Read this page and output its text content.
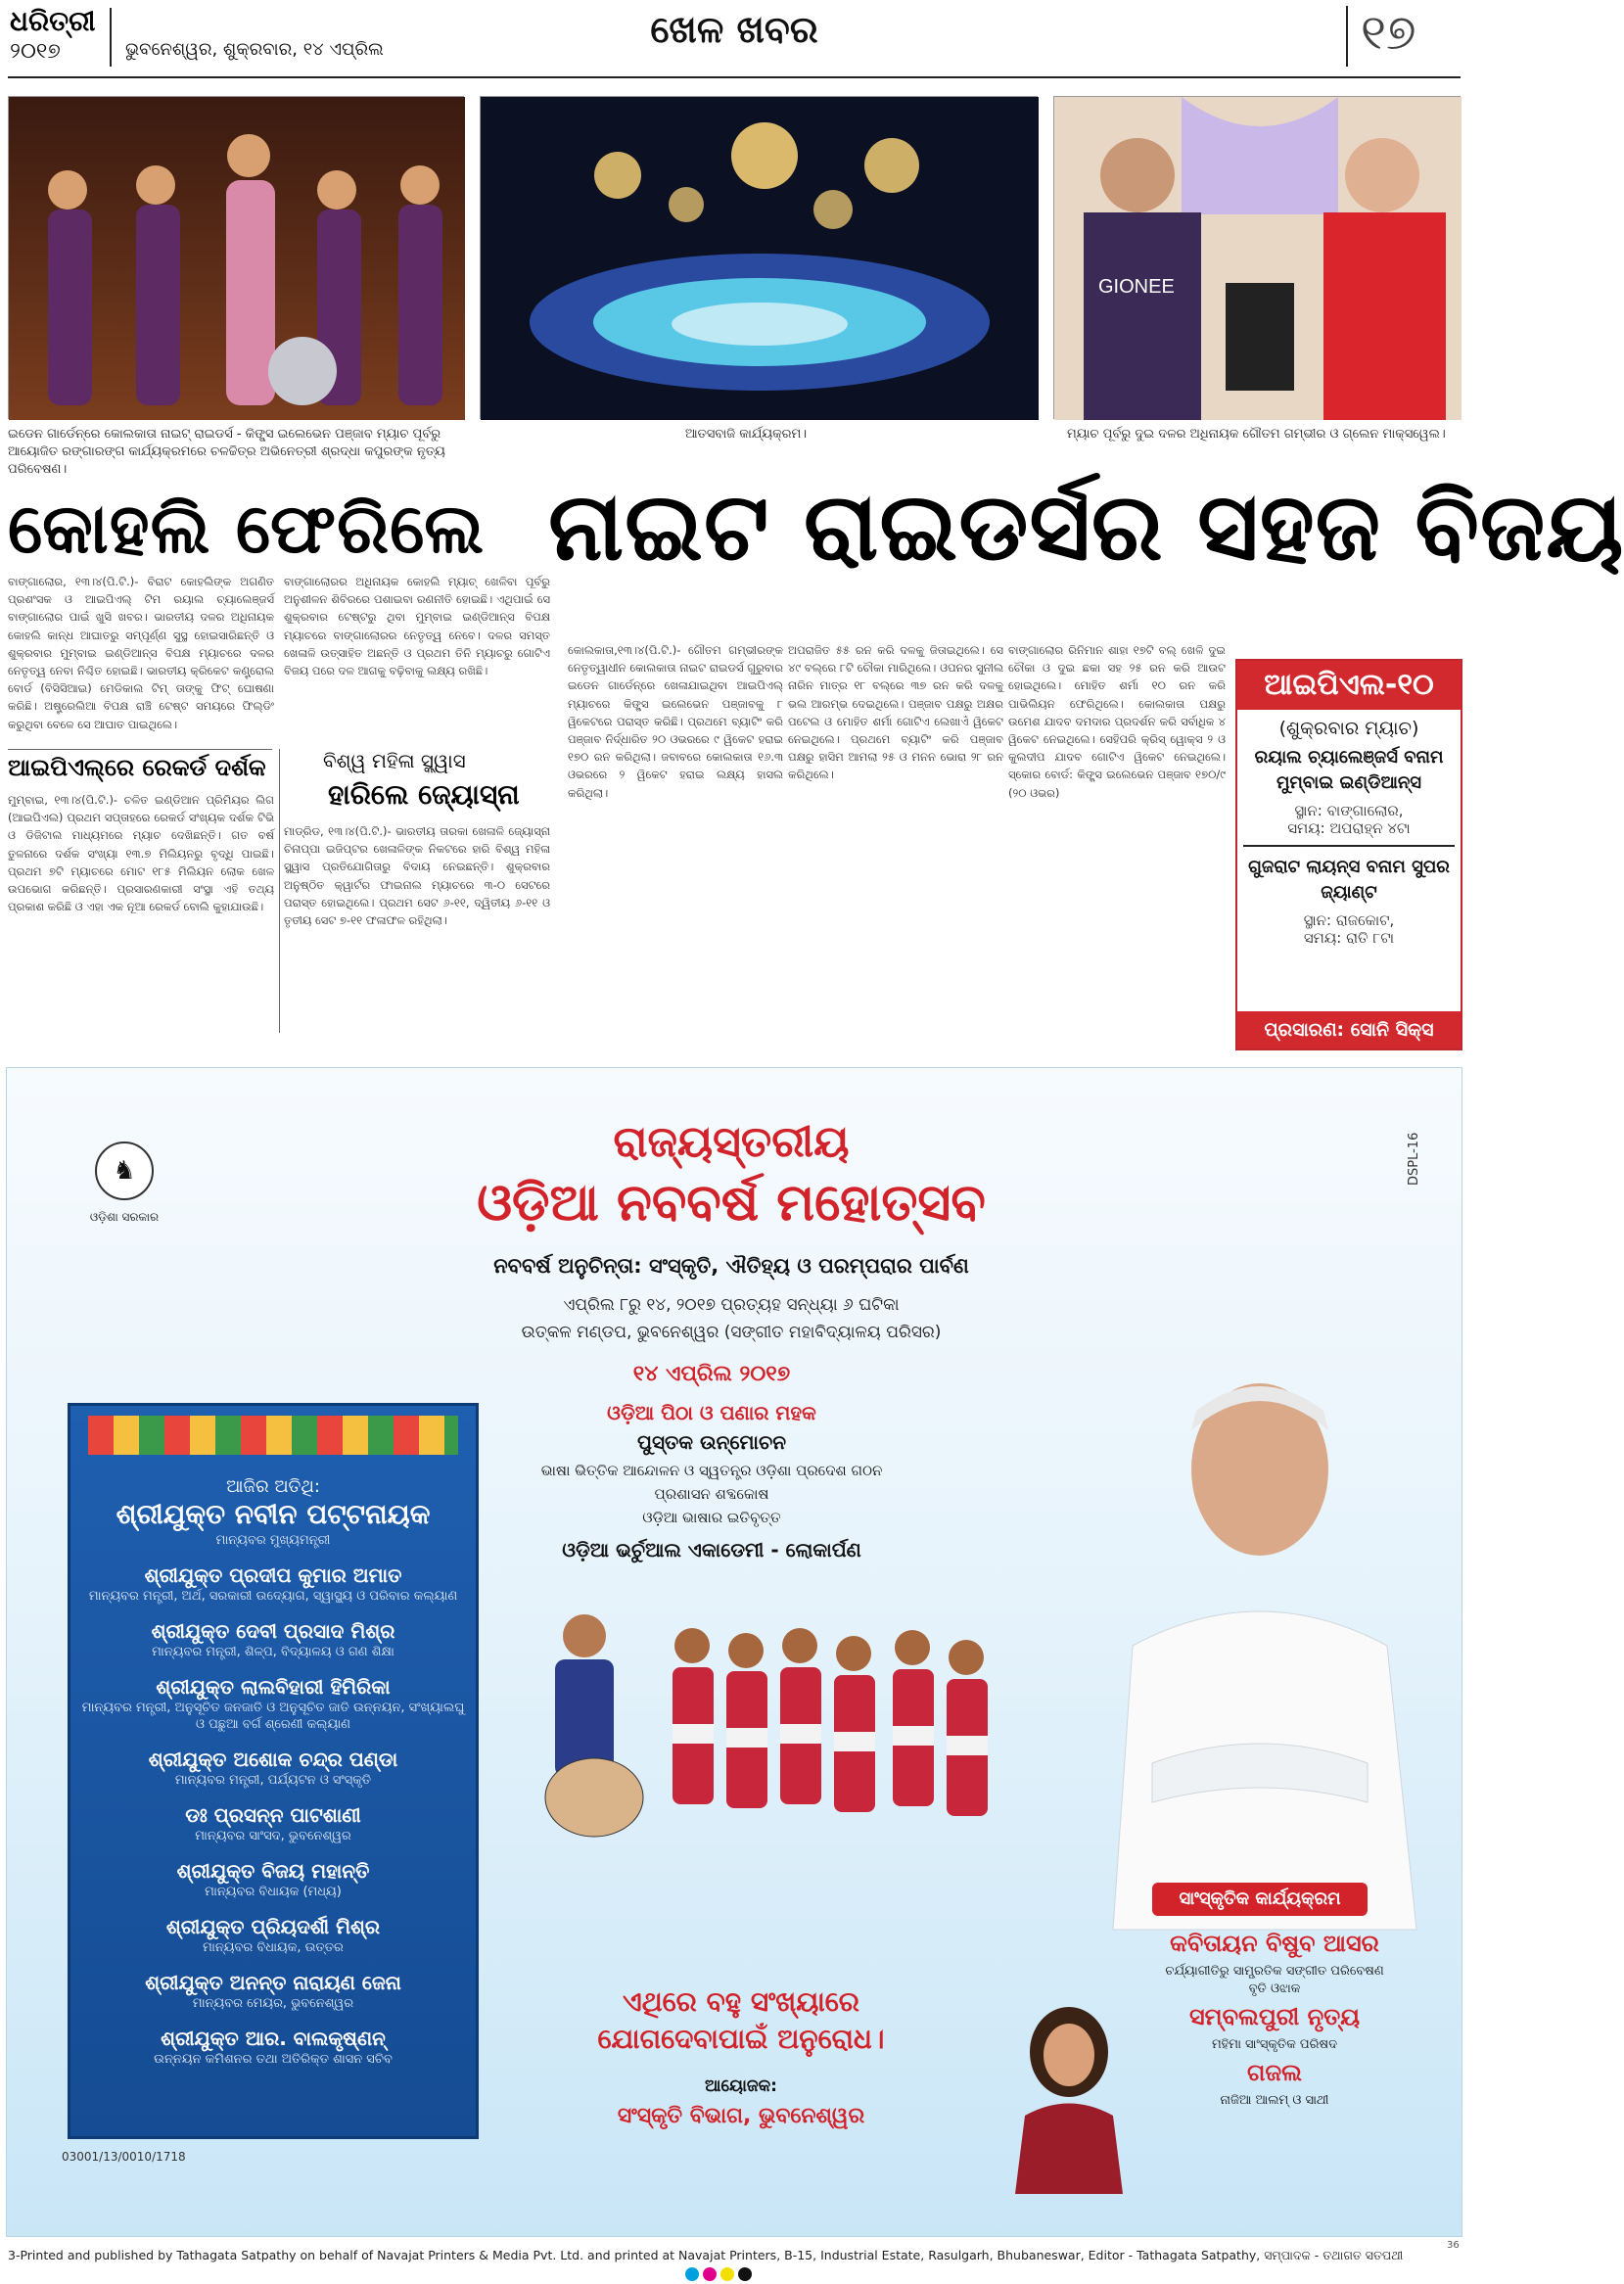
ଧରିତ୍ରୀ
୨୦୧୭	ଭୁବନେଶ୍ୱର, ଶୁକ୍ରବାର, ୧୪ ଏପ୍ରିଲ	ଖେଳ ଖବର	୧୭
GIONEE
ଇଡେନ ଗାର୍ଡେନ୍‌ରେ କୋଲକାତା ନାଇଟ୍ ରାଇଡର୍ସ - କିଙ୍ଗ୍ସ ଇଲେଭେନ ପଞ୍ଜାବ ମ୍ୟାଚ ପୂର୍ବରୁ ଆୟୋଜିତ ରଙ୍ଗାରଙ୍ଗ କାର୍ଯ୍ୟକ୍ରମରେ ଚଳଚ୍ଚିତ୍ର ଅଭିନେତ୍ରୀ ଶ୍ରଦ୍ଧା କପୁରଙ୍କ ନୃତ୍ୟ ପରିବେଷଣ।
ଆତସବାଜି କାର୍ଯ୍ୟକ୍ରମ।	ମ୍ୟାଚ ପୂର୍ବରୁ ଦୁଇ ଦଳର ଅଧିନାୟକ ଗୌତମ ଗମ୍ଭୀର ଓ ଗ୍ଲେନ ମାକ୍ସୱେଲ।
କୋହଲି ଫେରିଲେ ନାଇଟ ରାଇଡର୍ସର ସହଜ ବିଜୟ
ବାଙ୍ଗାଲୋର, ୧୩।୪(ପି.ଟି.)- ବିରାଟ କୋହଲିଙ୍କ ଅଗଣିତ ପ୍ରଶଂସକ ଓ ଆଇପିଏଲ୍ ଟିମ ରୟାଲ ଚ୍ୟାଲେଞ୍ଜର୍ସ ବାଙ୍ଗାଲୋର ପାଇଁ ଖୁସି ଖବର। ଭାରତୀୟ ଦଳର ଅଧିନାୟକ କୋହଲି କାନ୍ଧ ଆଘାତରୁ ସମ୍ପୂର୍ଣ୍ଣ ସୁସ୍ଥ ହୋଇସାରିଛନ୍ତି ଓ ଶୁକ୍ରବାର ମୁମ୍ବାଇ ଇଣ୍ଡିଆନ୍ସ ବିପକ୍ଷ ମ୍ୟାଚରେ ଦଳର ନେତୃତ୍ୱ ନେବା ନିଶ୍ଚିତ ହୋଇଛି। ଭାରତୀୟ କ୍ରିକେଟ କଣ୍ଟ୍ରୋଲ ବୋର୍ଡ (ବିସିସିଆଇ) ମେଡିକାଲ ଟିମ୍ ତାଙ୍କୁ ଫିଟ୍ ଘୋଷଣା କରିଛି। ଅଷ୍ଟ୍ରେଲିଆ ବିପକ୍ଷ ରାଞ୍ଚି ଟେଷ୍ଟ ସମୟରେ ଫିଲ୍ଡିଂ କରୁଥିବା ବେଳେ ସେ ଆଘାତ ପାଇଥିଲେ।
ବାଙ୍ଗାଲୋରର ଅଧିନାୟକ କୋହଲି ମ୍ୟାଚ୍ ଖେଳିବା ପୂର୍ବରୁ ଅନୁଶୀଳନ ଶିବିରରେ ପଶାଇବା ରଣନୀତି ହୋଇଛି। ଏଥିପାଇଁ ସେ ଶୁକ୍ରବାର ଟେଷ୍ଟରୁ ଥିବା ମୁମ୍ବାଇ ଇଣ୍ଡିଆନ୍ସ ବିପକ୍ଷ ମ୍ୟାଚରେ ବାଙ୍ଗାଲୋରର ନେତୃତ୍ୱ ନେବେ। ଦଳର ସମସ୍ତ ଖେଳାଳି ଉତ୍ସାହିତ ଅଛନ୍ତି ଓ ପ୍ରଥମ ତିନି ମ୍ୟାଚରୁ ଗୋଟିଏ ବିଜୟ ପରେ ଦଳ ଆଗକୁ ବଢ଼ିବାକୁ ଲକ୍ଷ୍ୟ ରଖିଛି।
ଆଇପିଏଲ୍‌ରେ ରେକର୍ଡ ଦର୍ଶକ
ମୁମ୍ବାଇ, ୧୩।୪(ପି.ଟି.)- ଚଳିତ ଇଣ୍ଡିଆନ ପ୍ରିମିୟର ଲିଗ (ଆଇପିଏଲ) ପ୍ରଥମ ସପ୍ତାହରେ ରେକର୍ଡ ସଂଖ୍ୟକ ଦର୍ଶକ ଟିଭି ଓ ଡିଜିଟାଲ ମାଧ୍ୟମରେ ମ୍ୟାଚ ଦେଖିଛନ୍ତି। ଗତ ବର୍ଷ ତୁଳନାରେ ଦର୍ଶକ ସଂଖ୍ୟା ୧୩.୭ ମିଲିୟନରୁ ବୃଦ୍ଧି ପାଇଛି। ପ୍ରଥମ ୭ଟି ମ୍ୟାଚରେ ମୋଟ ୧୮୫ ମିଲିୟନ ଲୋକ ଖେଳ ଉପଭୋଗ କରିଛନ୍ତି। ପ୍ରସାରଣକାରୀ ସଂସ୍ଥା ଏହି ତଥ୍ୟ ପ୍ରକାଶ କରିଛି ଓ ଏହା ଏକ ନୂଆ ରେକର୍ଡ ବୋଲି କୁହାଯାଉଛି।
ବିଶ୍ୱ ମହିଳା ସ୍କ୍ୱାସ
ହାରିଲେ ଜ୍ୟୋସ୍ନା
ମାଡ୍ରିଡ, ୧୩।୪(ପି.ଟି.)- ଭାରତୀୟ ତାରକା ଖେଳାଳି ଜ୍ୟୋସ୍ନା ଚିନାପ୍ପା ଇଜିପ୍ଟର ଖେଳାଳିଙ୍କ ନିକଟରେ ହାରି ବିଶ୍ୱ ମହିଳା ସ୍କ୍ୱାସ ପ୍ରତିଯୋଗିତାରୁ ବିଦାୟ ନେଇଛନ୍ତି। ଶୁକ୍ରବାର ଅନୁଷ୍ଠିତ କ୍ୱାର୍ଟର ଫାଇନାଲ ମ୍ୟାଚରେ ୩-୦ ସେଟରେ ପରାସ୍ତ ହୋଇଥିଲେ। ପ୍ରଥମ ସେଟ ୬-୧୧, ଦ୍ୱିତୀୟ ୬-୧୧ ଓ ତୃତୀୟ ସେଟ ୭-୧୧ ଫଳାଫଳ ରହିଥିଲା।
କୋଲକାତା,୧୩।୪(ପି.ଟି.)- ଗୌତମ ଗମ୍ଭୀରଙ୍କ ନେତୃତ୍ୱାଧୀନ କୋଲକାତା ନାଇଟ ରାଇଡର୍ସ ଗୁରୁବାର ଇଡେନ ଗାର୍ଡେନ୍‌ରେ ଖେଳାଯାଇଥିବା ଆଇପିଏଲ୍ ମ୍ୟାଚରେ କିଙ୍ଗ୍ସ ଇଲେଭେନ ପଞ୍ଜାବକୁ ୮ ୱିକେଟରେ ପରାସ୍ତ କରିଛି। ପ୍ରଥମେ ବ୍ୟାଟିଂ କରି ପଞ୍ଜାବ ନିର୍ଦ୍ଧାରିତ ୨୦ ଓଭରରେ ୯ ୱିକେଟ ହରାଇ ୧୭୦ ରନ କରିଥିଲା। ଜବାବରେ କୋଲକାତା ୧୬.୩ ଓଭରରେ ୨ ୱିକେଟ ହରାଇ ଲକ୍ଷ୍ୟ ହାସଲ କରିଥିଲା।
ଅପରାଜିତ ୫୫ ରନ କରି ଦଳକୁ ଜିତାଇଥିଲେ। ସେ ୪୯ ବଲ୍‌ରେ ୮ଟି ଚୌକା ମାରିଥିଲେ। ଓପନର ସୁନୀଲ ନାରିନ ମାତ୍ର ୧୮ ବଲ୍‌ରେ ୩୭ ରନ କରି ଦଳକୁ ଭଲ ଆରମ୍ଭ ଦେଇଥିଲେ। ପଞ୍ଜାବ ପକ୍ଷରୁ ଅକ୍ଷର ପଟେଲ ଓ ମୋହିତ ଶର୍ମା ଗୋଟିଏ ଲେଖାଏଁ ୱିକେଟ ନେଇଥିଲେ। ପ୍ରଥମେ ବ୍ୟାଟିଂ କରି ପଞ୍ଜାବ ପକ୍ଷରୁ ହାସିମ ଆମଲା ୨୫ ଓ ମନନ ଭୋରା ୨୮ ରନ କରିଥିଲେ।
ବାଙ୍ଗାଲୋର ରିନିମାନ ଶାହା ୧୭ଟି ବଲ୍ ଖେଳି ଦୁଇ ଚୌକା ଓ ଦୁଇ ଛକା ସହ ୨୫ ରନ କରି ଆଉଟ ହୋଇଥିଲେ। ମୋହିତ ଶର୍ମା ୧୦ ରନ କରି ପାଭିଲିୟନ ଫେରିଥିଲେ। କୋଲକାତା ପକ୍ଷରୁ ଉମେଶ ଯାଦବ ଦମଦାର ପ୍ରଦର୍ଶନ କରି ସର୍ବାଧିକ ୪ ୱିକେଟ ନେଇଥିଲେ। ସେହିପରି କ୍ରିସ୍ ୱୋକ୍ସ ୨ ଓ କୁଲଦୀପ ଯାଦବ ଗୋଟିଏ ୱିକେଟ ନେଇଥିଲେ। ସ୍କୋର ବୋର୍ଡ: କିଙ୍ଗ୍ସ ଇଲେଭେନ ପଞ୍ଜାବ ୧୭୦/୯ (୨୦ ଓଭର)
ଆଇପିଏଲ-୧୦
(ଶୁକ୍ରବାର ମ୍ୟାଚ)
ରୟାଲ ଚ୍ୟାଲେଞ୍ଜର୍ସ ବନାମ ମୁମ୍ବାଇ ଇଣ୍ଡିଆନ୍ସ
ସ୍ଥାନ: ବାଙ୍ଗାଲୋର,
ସମୟ: ଅପରାହ୍ନ ୪ଟା
ଗୁଜରାଟ ଲାୟନ୍ସ ବନାମ ସୁପର ଜ୍ୟାଣ୍ଟ
ସ୍ଥାନ: ରାଜକୋଟ,
ସମୟ: ରାତି ୮ଟା
ପ୍ରସାରଣ: ସୋନି ସିକ୍ସ
♞
ଓଡ଼ିଶା ସରକାର
DSPL-16
ରାଜ୍ୟସ୍ତରୀୟ
ଓଡ଼ିଆ ନବବର୍ଷ ମହୋତ୍ସବ
ନବବର୍ଷ ଅନୁଚିନ୍ତା: ସଂସ୍କୃତି, ଐତିହ୍ୟ ଓ ପରମ୍ପରାର ପାର୍ବଣ
ଏପ୍ରିଲ ୮ରୁ ୧୪, ୨୦୧୭ ପ୍ରତ୍ୟହ ସନ୍ଧ୍ୟା ୬ ଘଟିକା
ଉତ୍କଳ ମଣ୍ଡପ, ଭୁବନେଶ୍ୱର (ସଙ୍ଗୀତ ମହାବିଦ୍ୟାଳୟ ପରିସର)
୧୪ ଏପ୍ରିଲ ୨୦୧୭
ଓଡ଼ିଆ ପିଠା ଓ ପଣାର ମହକ
ପୁସ୍ତକ ଉନ୍ମୋଚନ
ଭାଷା ଭିତ୍ତିକ ଆନ୍ଦୋଳନ ଓ ସ୍ୱତନ୍ତ୍ର ଓଡ଼ିଶା ପ୍ରଦେଶ ଗଠନ
ପ୍ରଶାସନ ଶବ୍ଦକୋଷ
ଓଡ଼ିଆ ଭାଷାର ଇତିବୃତ୍ତ
ଓଡ଼ିଆ ଭର୍ଚୁଆଲ ଏକାଡେମୀ - ଲୋକାର୍ପଣ
ଆଜିର ଅତିଥି:
ଶ୍ରୀଯୁକ୍ତ ନବୀନ ପଟ୍ଟନାୟକ
ମାନ୍ୟବର ମୁଖ୍ୟମନ୍ତ୍ରୀ
ଶ୍ରୀଯୁକ୍ତ ପ୍ରଦୀପ କୁମାର ଅମାତ
ମାନ୍ୟବର ମନ୍ତ୍ରୀ, ଅର୍ଥ, ସରକାରୀ ଉଦ୍ୟୋଗ, ସ୍ୱାସ୍ଥ୍ୟ ଓ ପରିବାର କଲ୍ୟାଣ
ଶ୍ରୀଯୁକ୍ତ ଦେବୀ ପ୍ରସାଦ ମିଶ୍ର
ମାନ୍ୟବର ମନ୍ତ୍ରୀ, ଶିଳ୍ପ, ବିଦ୍ୟାଳୟ ଓ ଗଣ ଶିକ୍ଷା
ଶ୍ରୀଯୁକ୍ତ ଲାଲବିହାରୀ ହିମିରିକା
ମାନ୍ୟବର ମନ୍ତ୍ରୀ, ଅନୁସୂଚିତ ଜନଜାତି ଓ ଅନୁସୂଚିତ ଜାତି ଉନ୍ନୟନ, ସଂଖ୍ୟାଲଘୁ ଓ ପଛୁଆ ବର୍ଗ ଶ୍ରେଣୀ କଲ୍ୟାଣ
ଶ୍ରୀଯୁକ୍ତ ଅଶୋକ ଚନ୍ଦ୍ର ପଣ୍ଡା
ମାନ୍ୟବର ମନ୍ତ୍ରୀ, ପର୍ଯ୍ୟଟନ ଓ ସଂସ୍କୃତି
ଡଃ ପ୍ରସନ୍ନ ପାଟଶାଣୀ
ମାନ୍ୟବର ସାଂସଦ, ଭୁବନେଶ୍ୱର
ଶ୍ରୀଯୁକ୍ତ ବିଜୟ ମହାନ୍ତି
ମାନ୍ୟବର ବିଧାୟକ (ମଧ୍ୟ)
ଶ୍ରୀଯୁକ୍ତ ପ୍ରିୟଦର୍ଶୀ ମିଶ୍ର
ମାନ୍ୟବର ବିଧାୟକ, ଉତ୍ତର
ଶ୍ରୀଯୁକ୍ତ ଅନନ୍ତ ନାରାୟଣ ଜେନା
ମାନ୍ୟବର ମେୟର, ଭୁବନେଶ୍ୱର
ଶ୍ରୀଯୁକ୍ତ ଆର. ବାଲକୃଷ୍ଣନ୍
ଉନ୍ନୟନ କମିଶନର ତଥା ଅତିରିକ୍ତ ଶାସନ ସଚିବ
ଏଥିରେ ବହୁ ସଂଖ୍ୟାରେ
ଯୋଗଦେବାପାଇଁ ଅନୁରୋଧ।
ଆୟୋଜକ:
ସଂସ୍କୃତି ବିଭାଗ, ଭୁବନେଶ୍ୱର
ସାଂସ୍କୃତିକ କାର୍ଯ୍ୟକ୍ରମ
କବିତାୟନ ବିଷୁବ ଆସର
ଚର୍ଯ୍ୟାଗୀତିରୁ ସାମ୍ପ୍ରତିକ ସଙ୍ଗୀତ ପରିବେଷଣ
ବୃତି ଓଝାକ
ସମ୍ବଲପୁରୀ ନୃତ୍ୟ
ମହିମା ସାଂସ୍କୃତିକ ପରିଷଦ
ଗଜଲ
ନାଜିଆ ଆଲମ୍ ଓ ସାଥୀ
03001/13/0010/1718
3-Printed and published by Tathagata Satpathy on behalf of Navajat Printers & Media Pvt. Ltd. and printed at Navajat Printers, B-15, Industrial Estate, Rasulgarh, Bhubaneswar, Editor - Tathagata Satpathy, ସମ୍ପାଦକ - ତଥାଗତ ସତପଥୀ
36
